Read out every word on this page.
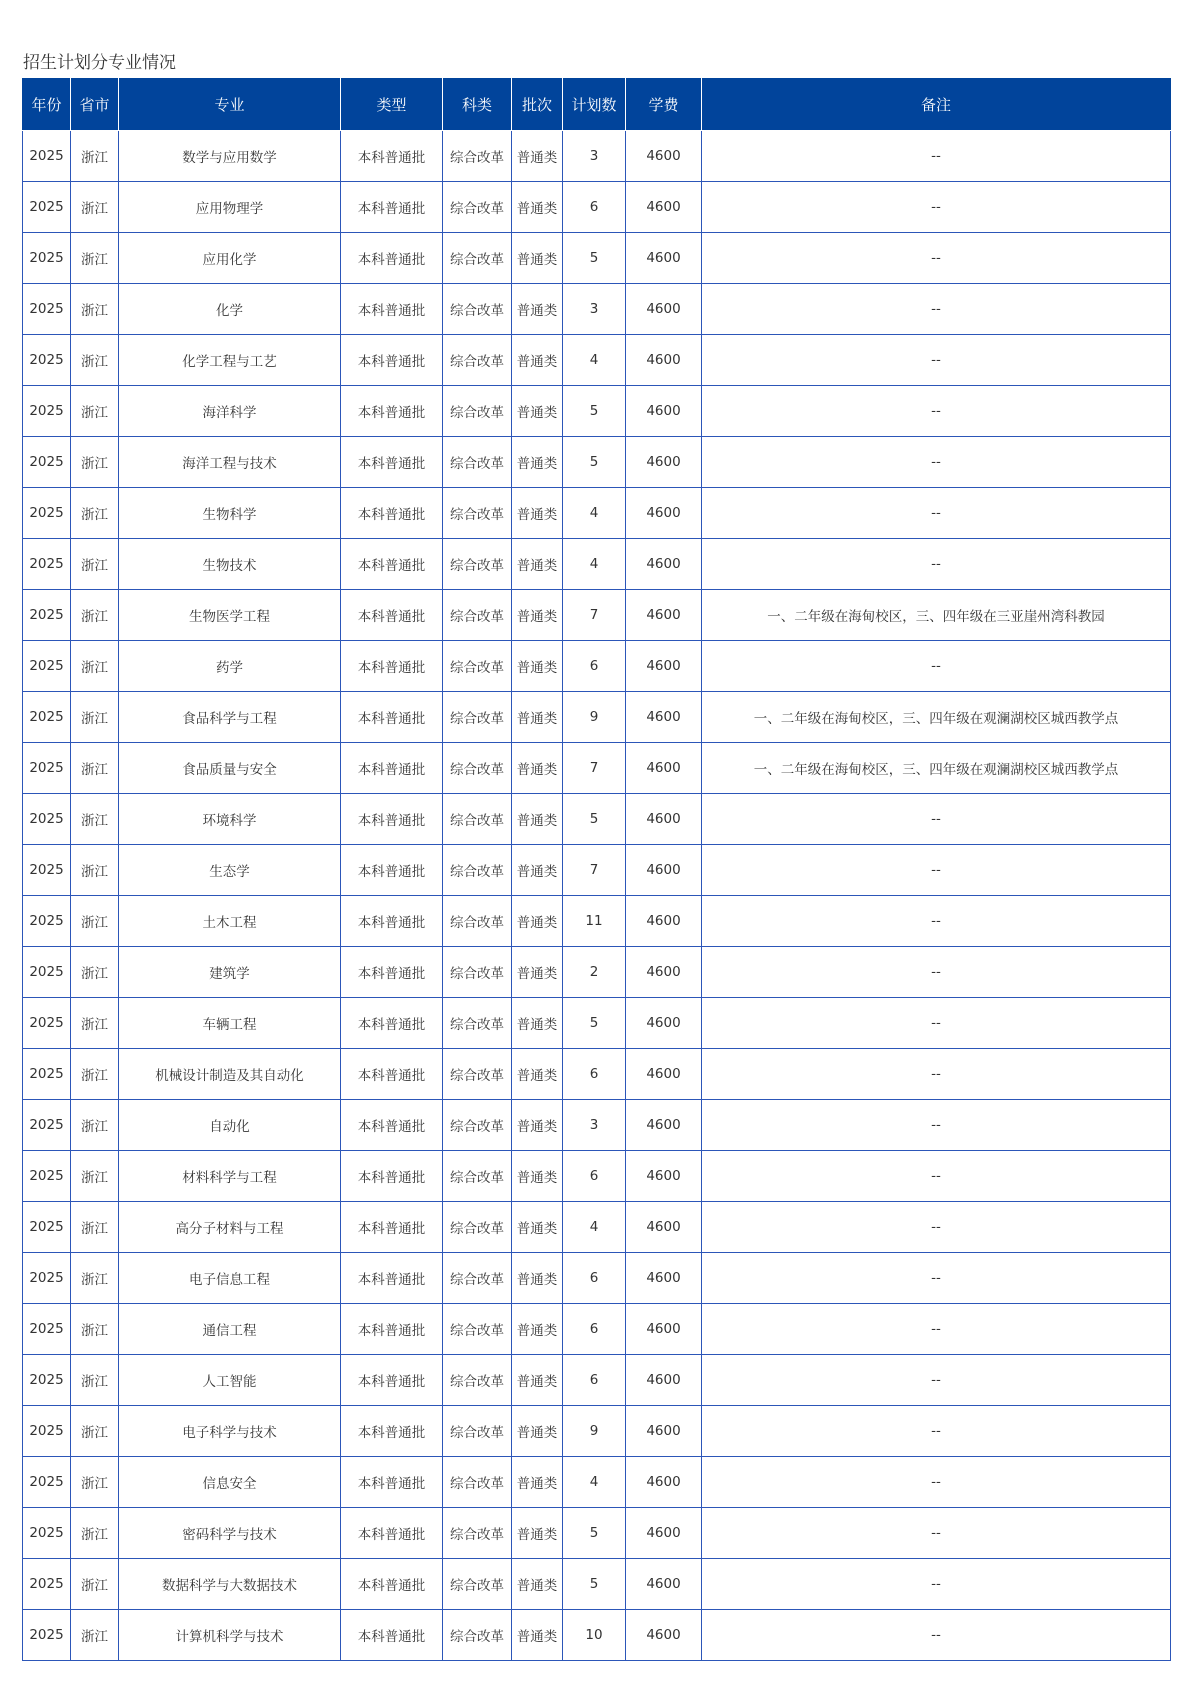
招生计划分专业情况
年份	省市	专业	类型	科类	批次	计划数	学费	备注
2025	浙江	数学与应用数学	本科普通批	综合改革	普通类	3	4600	--
2025	浙江	应用物理学	本科普通批	综合改革	普通类	6	4600	--
2025	浙江	应用化学	本科普通批	综合改革	普通类	5	4600	--
2025	浙江	化学	本科普通批	综合改革	普通类	3	4600	--
2025	浙江	化学工程与工艺	本科普通批	综合改革	普通类	4	4600	--
2025	浙江	海洋科学	本科普通批	综合改革	普通类	5	4600	--
2025	浙江	海洋工程与技术	本科普通批	综合改革	普通类	5	4600	--
2025	浙江	生物科学	本科普通批	综合改革	普通类	4	4600	--
2025	浙江	生物技术	本科普通批	综合改革	普通类	4	4600	--
2025	浙江	生物医学工程	本科普通批	综合改革	普通类	7	4600	一、二年级在海甸校区，三、四年级在三亚崖州湾科教园
2025	浙江	药学	本科普通批	综合改革	普通类	6	4600	--
2025	浙江	食品科学与工程	本科普通批	综合改革	普通类	9	4600	一、二年级在海甸校区，三、四年级在观澜湖校区城西教学点
2025	浙江	食品质量与安全	本科普通批	综合改革	普通类	7	4600	一、二年级在海甸校区，三、四年级在观澜湖校区城西教学点
2025	浙江	环境科学	本科普通批	综合改革	普通类	5	4600	--
2025	浙江	生态学	本科普通批	综合改革	普通类	7	4600	--
2025	浙江	土木工程	本科普通批	综合改革	普通类	11	4600	--
2025	浙江	建筑学	本科普通批	综合改革	普通类	2	4600	--
2025	浙江	车辆工程	本科普通批	综合改革	普通类	5	4600	--
2025	浙江	机械设计制造及其自动化	本科普通批	综合改革	普通类	6	4600	--
2025	浙江	自动化	本科普通批	综合改革	普通类	3	4600	--
2025	浙江	材料科学与工程	本科普通批	综合改革	普通类	6	4600	--
2025	浙江	高分子材料与工程	本科普通批	综合改革	普通类	4	4600	--
2025	浙江	电子信息工程	本科普通批	综合改革	普通类	6	4600	--
2025	浙江	通信工程	本科普通批	综合改革	普通类	6	4600	--
2025	浙江	人工智能	本科普通批	综合改革	普通类	6	4600	--
2025	浙江	电子科学与技术	本科普通批	综合改革	普通类	9	4600	--
2025	浙江	信息安全	本科普通批	综合改革	普通类	4	4600	--
2025	浙江	密码科学与技术	本科普通批	综合改革	普通类	5	4600	--
2025	浙江	数据科学与大数据技术	本科普通批	综合改革	普通类	5	4600	--
2025	浙江	计算机科学与技术	本科普通批	综合改革	普通类	10	4600	--
